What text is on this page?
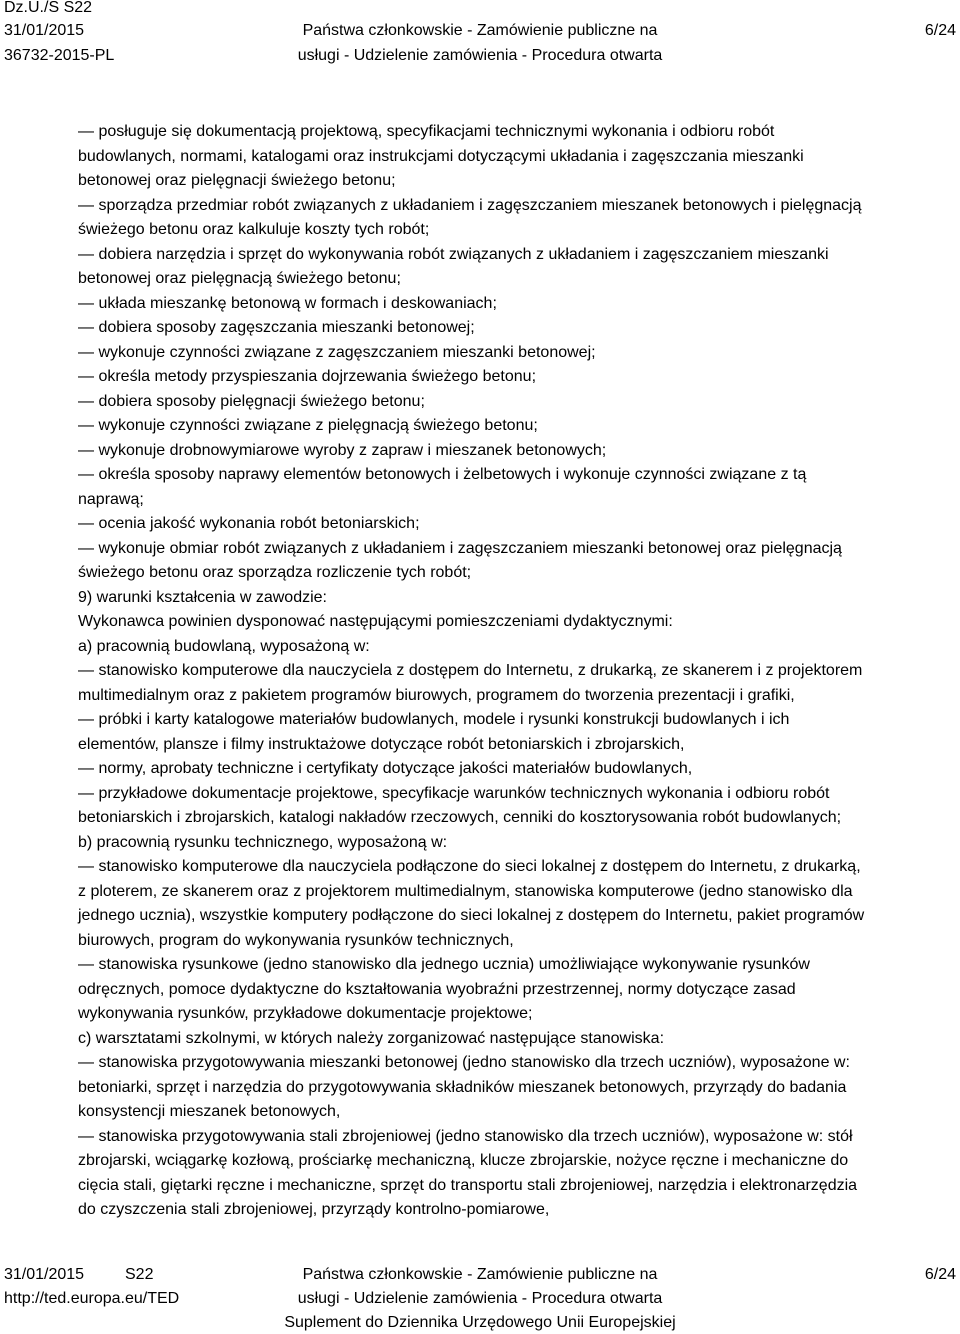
Dz.U./S S22
31/01/2015
36732-2015-PL
Państwa członkowskie - Zamówienie publiczne na
usługi - Udzielenie zamówienia - Procedura otwarta
6/24
— posługuje się dokumentacją projektową, specyfikacjami technicznymi wykonania i odbioru robót
budowlanych, normami, katalogami oraz instrukcjami dotyczącymi układania i zagęszczania mieszanki
betonowej oraz pielęgnacji świeżego betonu;
— sporządza przedmiar robót związanych z układaniem i zagęszczaniem mieszanek betonowych i pielęgnacją
świeżego betonu oraz kalkuluje koszty tych robót;
— dobiera narzędzia i sprzęt do wykonywania robót związanych z układaniem i zagęszczaniem mieszanki
betonowej oraz pielęgnacją świeżego betonu;
— układa mieszankę betonową w formach i deskowaniach;
— dobiera sposoby zagęszczania mieszanki betonowej;
— wykonuje czynności związane z zagęszczaniem mieszanki betonowej;
— określa metody przyspieszania dojrzewania świeżego betonu;
— dobiera sposoby pielęgnacji świeżego betonu;
— wykonuje czynności związane z pielęgnacją świeżego betonu;
— wykonuje drobnowymiarowe wyroby z zapraw i mieszanek betonowych;
— określa sposoby naprawy elementów betonowych i żelbetowych i wykonuje czynności związane z tą
naprawą;
— ocenia jakość wykonania robót betoniarskich;
— wykonuje obmiar robót związanych z układaniem i zagęszczaniem mieszanki betonowej oraz pielęgnacją
świeżego betonu oraz sporządza rozliczenie tych robót;
9) warunki kształcenia w zawodzie:
Wykonawca powinien dysponować następującymi pomieszczeniami dydaktycznymi:
a) pracownią budowlaną, wyposażoną w:
— stanowisko komputerowe dla nauczyciela z dostępem do Internetu, z drukarką, ze skanerem i z projektorem
multimedialnym oraz z pakietem programów biurowych, programem do tworzenia prezentacji i grafiki,
— próbki i karty katalogowe materiałów budowlanych, modele i rysunki konstrukcji budowlanych i ich
elementów, plansze i filmy instruktażowe dotyczące robót betoniarskich i zbrojarskich,
— normy, aprobaty techniczne i certyfikaty dotyczące jakości materiałów budowlanych,
— przykładowe dokumentacje projektowe, specyfikacje warunków technicznych wykonania i odbioru robót
betoniarskich i zbrojarskich, katalogi nakładów rzeczowych, cenniki do kosztorysowania robót budowlanych;
b) pracownią rysunku technicznego, wyposażoną w:
— stanowisko komputerowe dla nauczyciela podłączone do sieci lokalnej z dostępem do Internetu, z drukarką,
z ploterem, ze skanerem oraz z projektorem multimedialnym, stanowiska komputerowe (jedno stanowisko dla
jednego ucznia), wszystkie komputery podłączone do sieci lokalnej z dostępem do Internetu, pakiet programów
biurowych, program do wykonywania rysunków technicznych,
— stanowiska rysunkowe (jedno stanowisko dla jednego ucznia) umożliwiające wykonywanie rysunków
odręcznych, pomoce dydaktyczne do kształtowania wyobraźni przestrzennej, normy dotyczące zasad
wykonywania rysunków, przykładowe dokumentacje projektowe;
c) warsztatami szkolnymi, w których należy zorganizować następujące stanowiska:
— stanowiska przygotowywania mieszanki betonowej (jedno stanowisko dla trzech uczniów), wyposażone w:
betoniarki, sprzęt i narzędzia do przygotowywania składników mieszanek betonowych, przyrządy do badania
konsystencji mieszanek betonowych,
— stanowiska przygotowywania stali zbrojeniowej (jedno stanowisko dla trzech uczniów), wyposażone w: stół
zbrojarski, wciągarkę kozłową, prościarkę mechaniczną, klucze zbrojarskie, nożyce ręczne i mechaniczne do
cięcia stali, giętarki ręczne i mechaniczne, sprzęt do transportu stali zbrojeniowej, narzędzia i elektronarzędzia
do czyszczenia stali zbrojeniowej, przyrządy kontrolno-pomiarowe,
31/01/2015	S22
http://ted.europa.eu/TED
Państwa członkowskie - Zamówienie publiczne na
usługi - Udzielenie zamówienia - Procedura otwarta
Suplement do Dziennika Urzędowego Unii Europejskiej
6/24
